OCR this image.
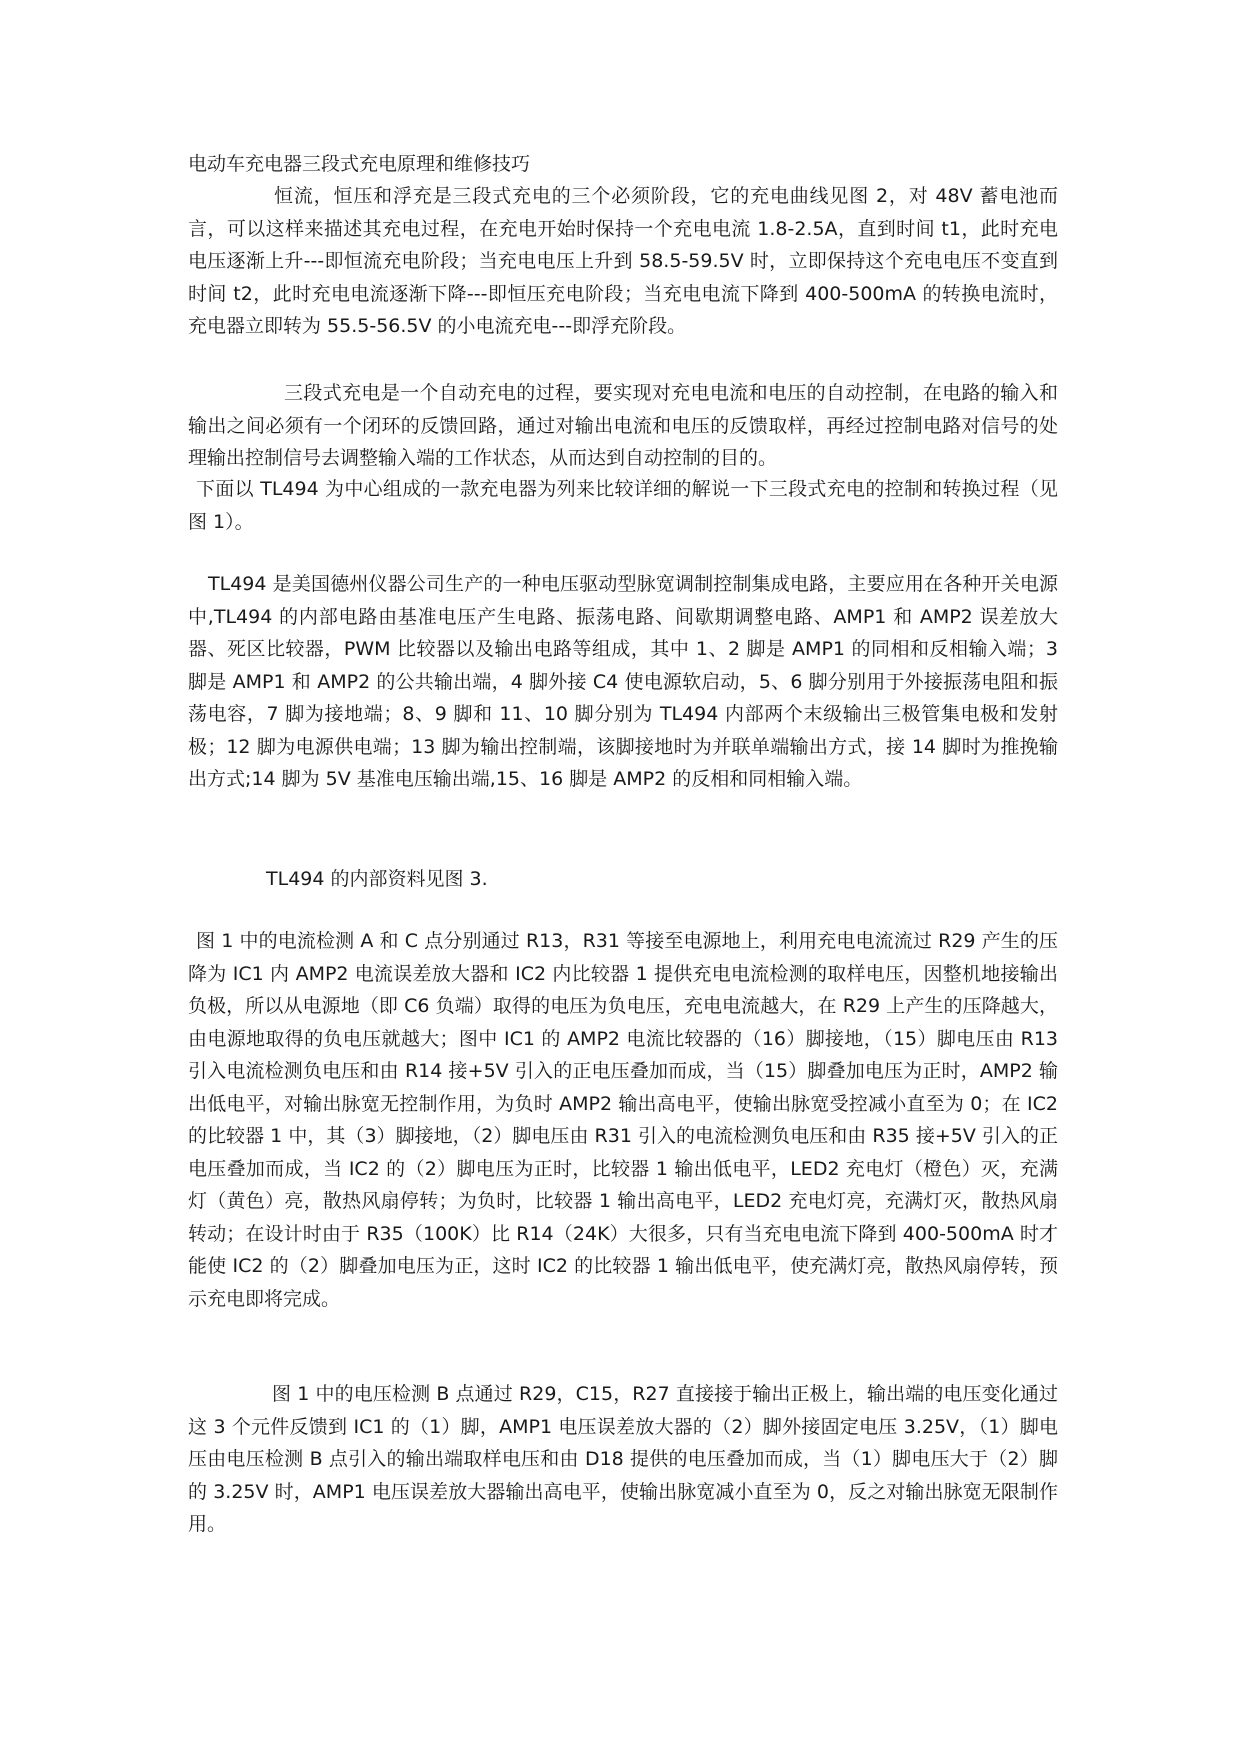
电动车充电器三段式充电原理和维修技巧
恒流，恒压和浮充是三段式充电的三个必须阶段，它的充电曲线见图 2，对 48V 蓄电池而言，可以这样来描述其充电过程，在充电开始时保持一个充电电流 1.8-2.5A，直到时间 t1，此时充电电压逐渐上升---即恒流充电阶段；当充电电压上升到 58.5-59.5V 时，立即保持这个充电电压不变直到时间 t2，此时充电电流逐渐下降---即恒压充电阶段；当充电电流下降到 400-500mA 的转换电流时，充电器立即转为 55.5-56.5V 的小电流充电---即浮充阶段。
三段式充电是一个自动充电的过程，要实现对充电电流和电压的自动控制，在电路的输入和输出之间必须有一个闭环的反馈回路，通过对输出电流和电压的反馈取样，再经过控制电路对信号的处理输出控制信号去调整输入端的工作状态，从而达到自动控制的目的。
下面以 TL494 为中心组成的一款充电器为列来比较详细的解说一下三段式充电的控制和转换过程（见图 1）。
TL494 是美国德州仪器公司生产的一种电压驱动型脉宽调制控制集成电路，主要应用在各种开关电源中,TL494 的内部电路由基准电压产生电路、振荡电路、间歇期调整电路、AMP1 和 AMP2 误差放大器、死区比较器，PWM 比较器以及输出电路等组成，其中 1、2 脚是 AMP1 的同相和反相输入端；3 脚是 AMP1 和 AMP2 的公共输出端，4 脚外接 C4 使电源软启动，5、6 脚分别用于外接振荡电阻和振荡电容，7 脚为接地端；8、9 脚和 11、10 脚分别为 TL494 内部两个末级输出三极管集电极和发射极；12 脚为电源供电端；13 脚为输出控制端，该脚接地时为并联单端输出方式，接 14 脚时为推挽输出方式;14 脚为 5V 基准电压输出端,15、16 脚是 AMP2 的反相和同相输入端。
TL494 的内部资料见图 3.
图 1 中的电流检测 A 和 C 点分别通过 R13，R31 等接至电源地上，利用充电电流流过 R29 产生的压降为 IC1 内 AMP2 电流误差放大器和 IC2 内比较器 1 提供充电电流检测的取样电压，因整机地接输出负极，所以从电源地（即 C6 负端）取得的电压为负电压，充电电流越大，在 R29 上产生的压降越大，由电源地取得的负电压就越大；图中 IC1 的 AMP2 电流比较器的（16）脚接地，（15）脚电压由 R13 引入电流检测负电压和由 R14 接+5V 引入的正电压叠加而成，当（15）脚叠加电压为正时，AMP2 输出低电平，对输出脉宽无控制作用，为负时 AMP2 输出高电平，使输出脉宽受控减小直至为 0；在 IC2 的比较器 1 中，其（3）脚接地，（2）脚电压由 R31 引入的电流检测负电压和由 R35 接+5V 引入的正电压叠加而成，当 IC2 的（2）脚电压为正时，比较器 1 输出低电平，LED2 充电灯（橙色）灭，充满灯（黄色）亮，散热风扇停转；为负时，比较器 1 输出高电平，LED2 充电灯亮，充满灯灭，散热风扇转动；在设计时由于 R35（100K）比 R14（24K）大很多，只有当充电电流下降到 400-500mA 时才能使 IC2 的（2）脚叠加电压为正，这时 IC2 的比较器 1 输出低电平，使充满灯亮，散热风扇停转，预示充电即将完成。
图 1 中的电压检测 B 点通过 R29，C15，R27 直接接于输出正极上，输出端的电压变化通过这 3 个元件反馈到 IC1 的（1）脚，AMP1 电压误差放大器的（2）脚外接固定电压 3.25V，（1）脚电压由电压检测 B 点引入的输出端取样电压和由 D18 提供的电压叠加而成，当（1）脚电压大于（2）脚的 3.25V 时，AMP1 电压误差放大器输出高电平，使输出脉宽减小直至为 0，反之对输出脉宽无限制作用。
